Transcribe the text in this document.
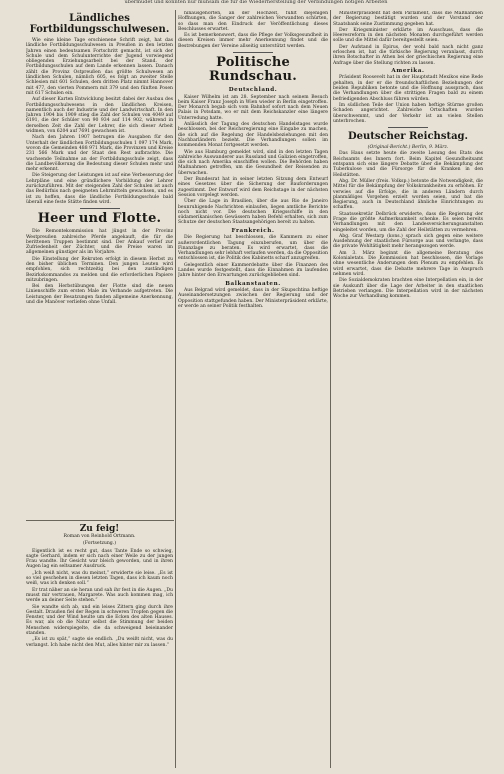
übermüdet und konnten nur mühsam die für die Wiederherstellung der Verbindungen nötigen Arbeiten
Ländliches Fortbildungsschulwesen.

Wie eine kleine Tage erschienene Schrift zeigt, hat das ländliche Fortbildungsschulwesen in Preußen in den letzten Jahren einen bedeutsamen Fortschritt gemacht, ist sich der Schule und dem Schulunterrichte der Jugend vorwiegend obliegenden Erziehungsarbeit bei der Stand. der Fortbildungsschulen auf dem Lande erkennen lassen. Danach zählt die Provinz Ostpreußen das größte Schulwesen an ländlichen Schulen, nämlich 605, es folgt an zweiter Stelle Schlesien mit 601 Schulen, dem dritten Platz nimmt Hannover mit 477, den vierten Pommern mit 379 und den fünften Posen mit 617 Schulen ein.

Auf dieser Karten Entwicklung besitzt dabei der Ausbau des Fortbildungsschulwesens in den ländlichen Kreisen, namentlich auch der Industrie und der Landwirtschaft. In den Jahren 1904 bis 1909 stieg die Zahl der Schulen von 4049 auf 6191, die der Schüler von 90 934 auf 114 902, während in derselben Zeit die Zahl der Lehrer, die sich dieser Arbeit widmen, von 6204 auf 7691 gewachsen ist.

Nach den Jahren 1907 betrugen die Ausgaben für den Unterhalt der ländlichen Fortbildungsschulen 1 097 174 Mark, wovon die Gemeinden 488 971 Mark, die Provinzen und Kreise 231 566 Mark und der Staat den Rest aufbrachte. Die wachsende Teilnahme an der Fortbildungsschule zeigt, dass die Landbevölkerung die Bedeutung dieser Schulen mehr und mehr erkennt.

Die Steigerung der Leistungen ist auf eine Verbesserung der Lehrpläne und eine gründlichere Vorbildung der Lehrer zurückzuführen. Mit der steigenden Zahl der Schulen ist auch das Bedürfnis nach geeigneten Lehrmitteln gewachsen, und es ist zu hoffen, dass die ländliche Fortbildungsschule bald überall eine feste Stätte finden wird.

Heer und Flotte.

Die Remontekommission hat jüngst in der Provinz Westpreußen zahlreiche Pferde angekauft, die für die berittenen Truppen bestimmt sind. Der Ankauf verlief zur Zufriedenheit der Züchter, und die Preise waren im allgemeinen günstiger als im Vorjahre.

Die Einstellung der Rekruten erfolgt in diesem Herbst zu den bisher üblichen Terminen. Den jungen Leuten wird empfohlen, sich rechtzeitig bei den zuständigen Bezirkskommandos zu melden und die erforderlichen Papiere mitzubringen.

Bei den Herbstübungen der Flotte sind die neuen Linienschiffe zum ersten Male im Verbande aufgetreten. Die Leistungen der Besatzungen fanden allgemeine Anerkennung, und die Manöver verliefen ohne Unfall.

Zu feig!
Roman von Reinhold Ortmann.
(Fortsetzung.)

Eigentlich ist es recht gut, dass Tante Ende so schwieg, sagte Gerhard, indem er sich nach einer Weile zu der jungen Frau wandte. Ihr Gesicht war bleich geworden, und in ihren Augen lag ein seltsamer Ausdruck.

„Ich weiß nicht, was du meinst,“ erwiderte sie leise. „Es ist so viel geschehen in diesen letzten Tagen, dass ich kaum noch weiß, was ich denken soll.“

Er trat näher an sie heran und sah ihr fest in die Augen. „Du musst mir vertrauen, Margarete. Was auch kommen mag, ich werde an deiner Seite stehen.“

Sie wandte sich ab, und ein leises Zittern ging durch ihre Gestalt. Draußen fiel der Regen in schweren Tropfen gegen die Fenster, und der Wind heulte um die Ecken des alten Hauses. Es war, als ob die Natur selbst die Stimmung der beiden Menschen widerspiegelte, die da schweigend beieinander standen.

„Es ist zu spät,“ sagte sie endlich. „Du weißt nicht, was du verlangst. Ich habe nicht den Mut, alles hinter mir zu lassen.“

hinausgehörten, an der Hochzeit, fühlt diejenigen Hoffnungen, die Sanger der zahlreichen Verwandten schürten, so dass man den Eindruck der Veröffentlichung dieses Beschlusses erwartet.

Es ist bemerkenswert, dass die Pflege der Volksgesundheit in diesen Kreisen immer mehr Anerkennung findet und die Bestrebungen der Vereine allseitig unterstützt werden.

Politische Rundschau.
Deutschland.

Kaiser Wilhelm ist am 28. September nach seinem Besuch beim Kaiser Franz Joseph in Wien wieder in Berlin eingetroffen. Der Monarch begab sich vom Bahnhof sofort nach dem Neuen Palais in Potsdam, wo er mit dem Reichskanzler eine längere Unterredung hatte.

Anlässlich der Tagung des deutschen Handelstages wurde beschlossen, bei der Reichsregierung eine Eingabe zu machen, die sich auf die Regelung der Handelsbeziehungen mit den Nachbarländern bezieht. Die Verhandlungen sollen im kommenden Monat fortgesetzt werden.

Wie aus Hamburg gemeldet wird, sind in den letzten Tagen zahlreiche Auswanderer aus Russland und Galizien eingetroffen, die sich nach Amerika einschiffen wollen. Die Behörden haben Maßnahmen getroffen, um die Gesundheit der Reisenden zu überwachen.

Der Bundesrat hat in seiner letzten Sitzung dem Entwurf eines Gesetzes über die Sicherung der Bauforderungen zugestimmt. Der Entwurf wird dem Reichstage in der nächsten Session vorgelegt werden.

Über die Lage in Brasilien, über die aus Rio de Janeiro beunruhigende Nachrichten einlaufen, liegen amtliche Berichte noch nicht vor. Die deutschen Kriegsschiffe in den südamerikanischen Gewässern haben Befehl erhalten, sich zum Schutze der deutschen Staatsangehörigen bereit zu halten.

Frankreich.

Die Regierung hat beschlossen, die Kammern zu einer außerordentlichen Tagung einzuberufen, um über die Finanzlage zu beraten. Es wird erwartet, dass die Verhandlungen sehr lebhaft verlaufen werden, da die Opposition entschlossen ist, die Politik des Kabinetts scharf anzugreifen.

Gelegentlich einer Kammerdebatte über die Finanzen des Landes wurde festgestellt, dass die Einnahmen im laufenden Jahre hinter den Erwartungen zurückgeblieben sind.

Balkanstaaten.

Aus Belgrad wird gemeldet, dass in der Skupschtina heftige Auseinandersetzungen zwischen der Regierung und der Opposition stattgefunden haben. Der Ministerpräsident erklärte, er werde an seiner Politik festhalten.

Ministerpräsident hat dem Parlament, dass die Maßnahmen der Regierung bestätigt wurden und der Vorstand der Staatsbank seine Zustimmung gegeben hat.

Der Kriegsminister erklärte im Ausschuss, dass die Heeresreform in den nächsten Monaten durchgeführt werden solle und die Mittel dafür bereitgestellt seien.

Der Aufstand in Epirus, der wohl bald nach nicht ganz erloschen ist, hat die türkische Regierung veranlasst, durch ihren Botschafter in Athen bei der griechischen Regierung eine Anfrage über die Stellung richten zu lassen.

Amerika.

Präsident Roosevelt hat in der Hauptstadt Mexikos eine Rede gehalten, in der er die freundschaftlichen Beziehungen der beiden Republiken betonte und die Hoffnung aussprach, dass die Verhandlungen über die strittigen Fragen bald zu einem befriedigenden Abschluss führen würden.

Im südlichen Teile der Union haben heftige Stürme großen Schaden angerichtet. Zahlreiche Ortschaften wurden überschwemmt, und der Verkehr ist an vielen Stellen unterbrochen.

Deutscher Reichstag.
(Original-Bericht.) Berlin, 9. März.

Das Haus setzte heute die zweite Lesung des Etats des Reichsamts des Innern fort. Beim Kapitel Gesundheitsamt entspann sich eine längere Debatte über die Bekämpfung der Tuberkulose und die Fürsorge für die Kranken in den Heilstätten.

Abg. Dr. Müller (freis. Volksp.) betonte die Notwendigkeit, die Mittel für die Bekämpfung der Volkskrankheiten zu erhöhen. Er verwies auf die Erfolge, die in anderen Ländern durch planmäßiges Vorgehen erzielt worden seien, und bat die Regierung, auch in Deutschland ähnliche Einrichtungen zu schaffen.

Staatssekretär Delbrück erwiderte, dass die Regierung der Frage die größte Aufmerksamkeit schenke. Es seien bereits Verhandlungen mit den Landesversicherungsanstalten eingeleitet worden, um die Zahl der Heilstätten zu vermehren.

Abg. Graf Westarp (kons.) sprach sich gegen eine weitere Ausdehnung der staatlichen Fürsorge aus und verlangte, dass die private Wohltätigkeit mehr herangezogen werde.

Am 3. März beginnt die allgemeine Beratung des Kolonialetats. Die Kommission hat beschlossen, die Vorlage ohne wesentliche Änderungen dem Plenum zu empfehlen. Es wird erwartet, dass die Debatte mehrere Tage in Anspruch nehmen wird.

Die Sozialdemokraten brachten eine Interpellation ein, in der sie Auskunft über die Lage der Arbeiter in den staatlichen Betrieben verlangen. Die Interpellation wird in der nächsten Woche zur Verhandlung kommen.
